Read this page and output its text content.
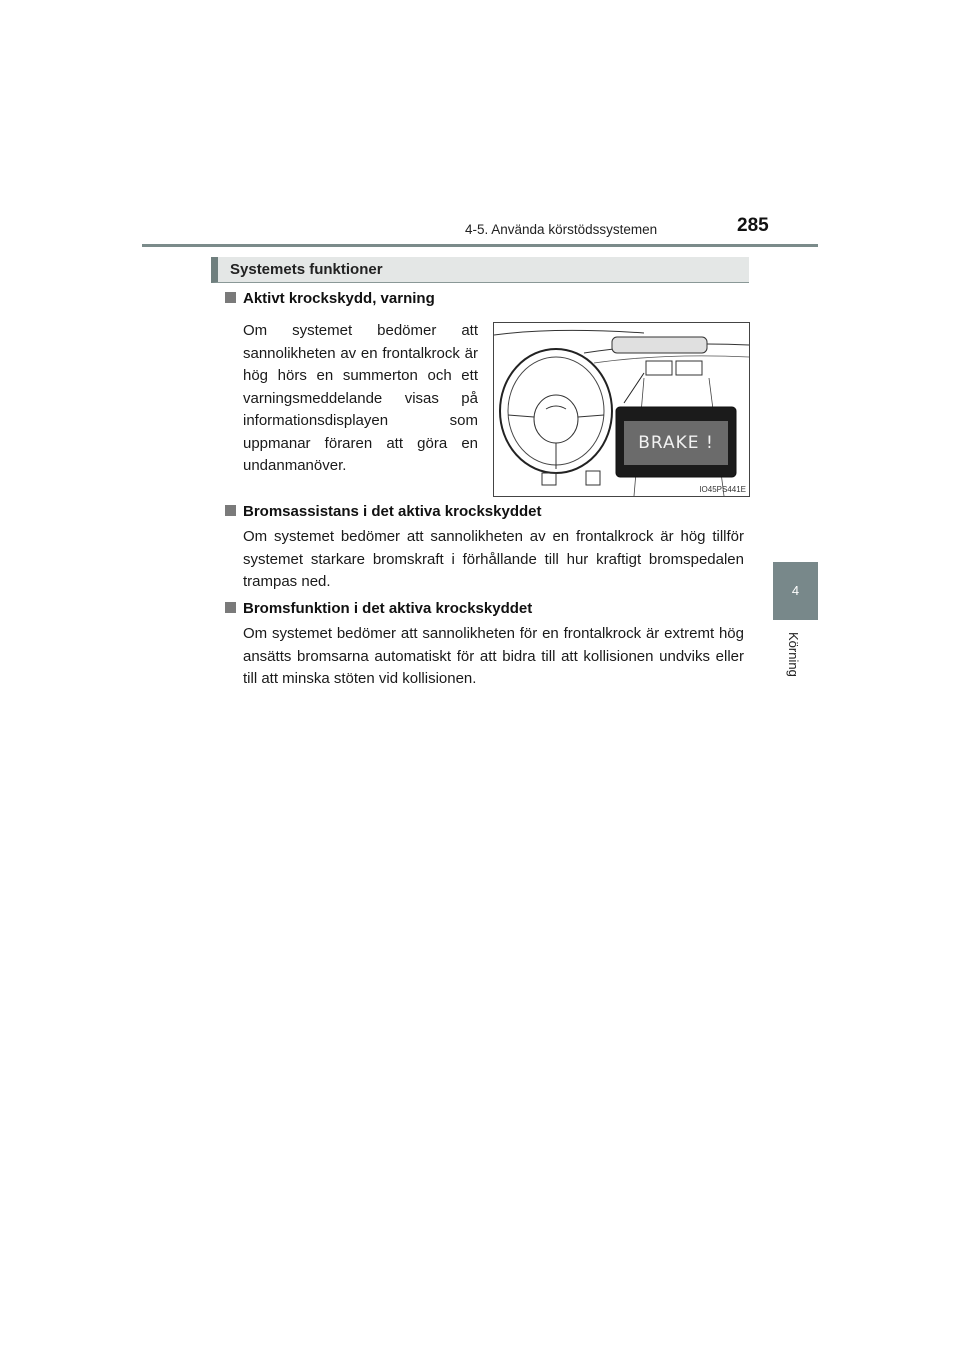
4-5. Använda körstödssystemen	285
4
Körning
Systemets funktioner
Aktivt krockskydd, varning
Om systemet bedömer att sannolikheten av en frontalkrock är hög hörs en summerton och ett varningsmeddelande visas på informationsdisplayen som uppmanar föraren att göra en undanmanöver.
BRAKE !
IO45PS441E
Bromsassistans i det aktiva krockskyddet
Om systemet bedömer att sannolikheten av en frontalkrock är hög tillför systemet starkare bromskraft i förhållande till hur kraftigt bromspedalen trampas ned.
Bromsfunktion i det aktiva krockskyddet
Om systemet bedömer att sannolikheten för en frontalkrock är extremt hög ansätts bromsarna automatiskt för att bidra till att kollisionen undviks eller till att minska stöten vid kollisionen.
